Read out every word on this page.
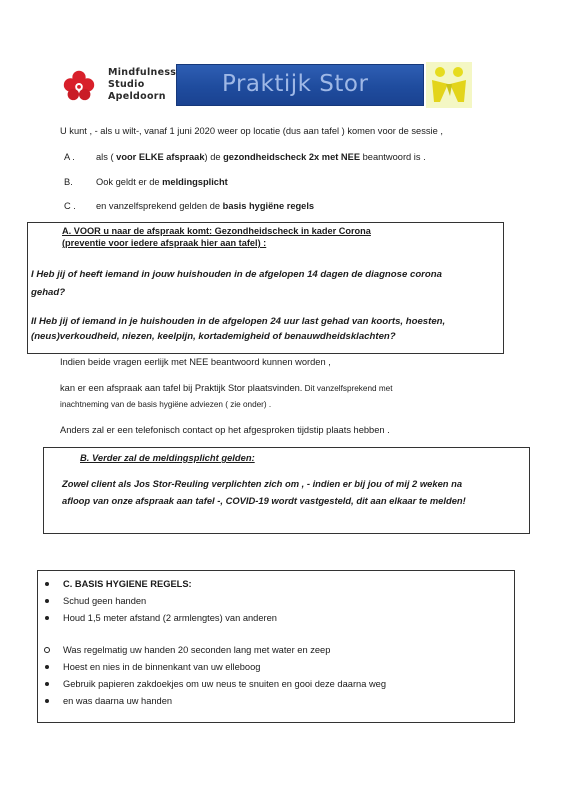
Mindfulness
Studio
Apeldoorn	Praktijk Stor
U kunt , - als u wilt-, vanaf 1 juni 2020 weer op locatie (dus aan tafel ) komen voor de sessie ,
A . als ( voor ELKE afspraak) de gezondheidscheck 2x met NEE beantwoord is .
B. Ook geldt er de meldingsplicht
C . en vanzelfsprekend gelden de basis hygiëne regels
A. VOOR u naar de afspraak komt: Gezondheidscheck in kader Corona
(preventie voor iedere afspraak hier aan tafel) :
I Heb jij of heeft iemand in jouw huishouden in de afgelopen 14 dagen de diagnose corona
gehad?
II Heb jij of iemand in je huishouden in de afgelopen 24 uur last gehad van koorts, hoesten,
(neus)verkoudheid, niezen, keelpijn, kortademigheid of benauwdheidsklachten?
Indien beide vragen eerlijk met NEE beantwoord kunnen worden ,
kan er een afspraak aan tafel bij Praktijk Stor plaatsvinden. Dit vanzelfsprekend met
inachtneming van de basis hygiëne adviezen ( zie onder) .
Anders zal er een telefonisch contact op het afgesproken tijdstip plaats hebben .
B. Verder zal de meldingsplicht gelden:
Zowel client als Jos Stor-Reuling verplichten zich om , - indien er bij jou of mij 2 weken na
afloop van onze afspraak aan tafel -, COVID-19 wordt vastgesteld, dit aan elkaar te melden!
C. BASIS HYGIENE REGELS:
Schud geen handen
Houd 1,5 meter afstand (2 armlengtes) van anderen
Was regelmatig uw handen 20 seconden lang met water en zeep
Hoest en nies in de binnenkant van uw elleboog
Gebruik papieren zakdoekjes om uw neus te snuiten en gooi deze daarna weg
en was daarna uw handen
